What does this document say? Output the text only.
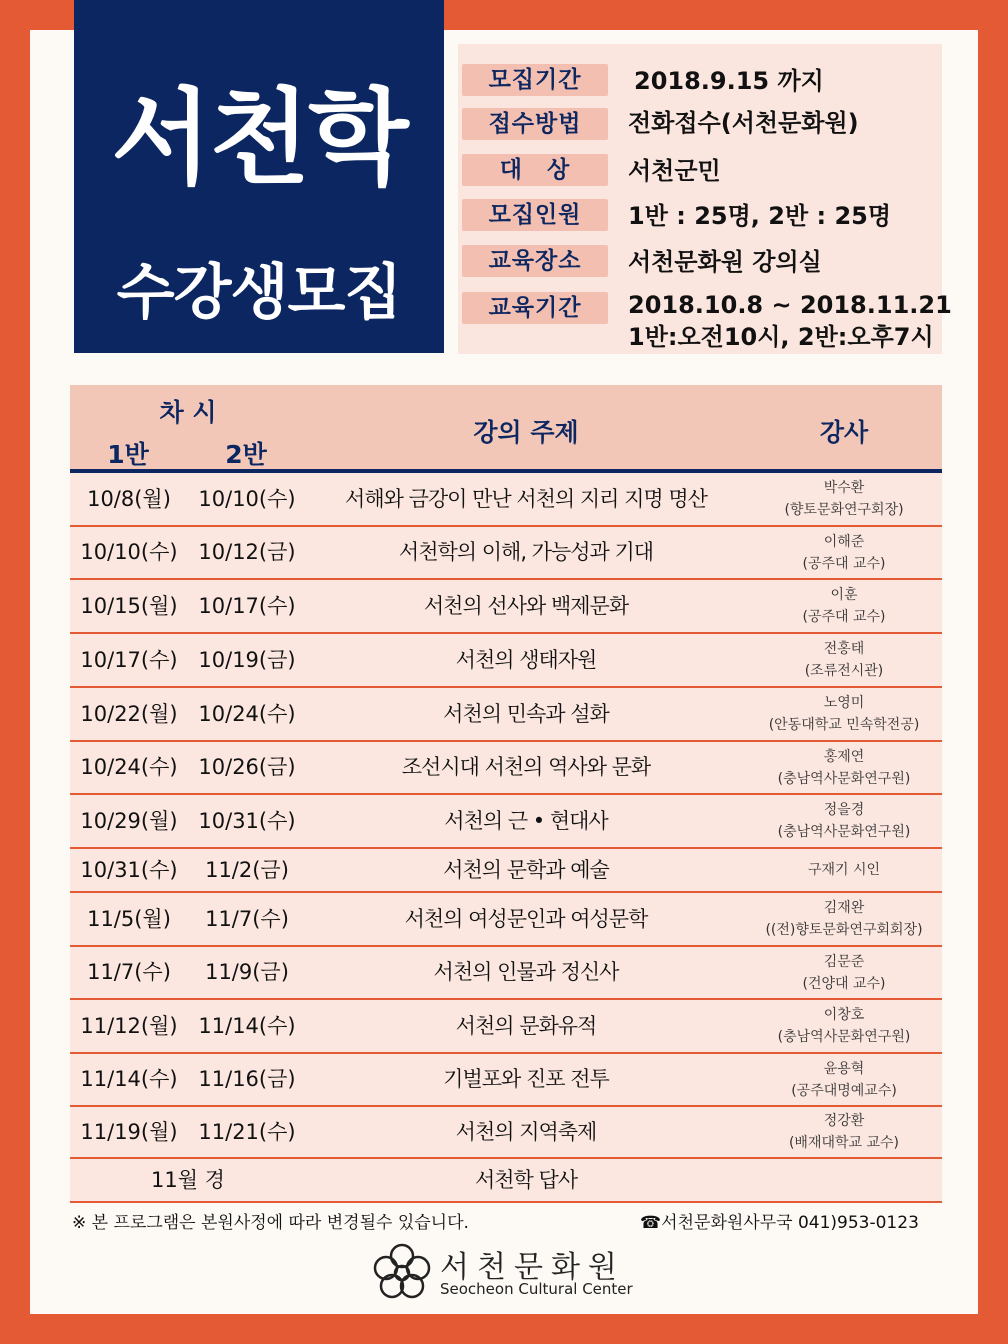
서천학
수강생모집
모집기간	2018.9.15 까지
접수방법	전화접수(서천문화원)
대　상	서천군민
모집인원	1반 : 25명, 2반 : 25명
교육장소	서천문화원 강의실
교육기간	2018.10.8 ~ 2018.11.21
1반:오전10시, 2반:오후7시
차 시
1반	2반
강의 주제	강사
10/8(월)	10/10(수)	서해와 금강이 만난 서천의 지리 지명 명산	박수환
(향토문화연구회장)
10/10(수) 10/12(금)	서천학의 이해, 가능성과 기대	이해준
(공주대 교수)
10/15(월) 10/17(수)	서천의 선사와 백제문화	이훈
(공주대 교수)
10/17(수) 10/19(금)	서천의 생태자원	전홍태
(조류전시관)
10/22(월) 10/24(수)	서천의 민속과 설화	노영미
(안동대학교 민속학전공)
10/24(수) 10/26(금)	조선시대 서천의 역사와 문화	홍제연
(충남역사문화연구원)
10/29(월) 10/31(수)	서천의 근 • 현대사	정을경
(충남역사문화연구원)
10/31(수)	11/2(금)	서천의 문학과 예술	구재기 시인
11/5(월)	11/7(수)	서천의 여성문인과 여성문학	김재완
((전)향토문화연구회회장)
11/7(수)	11/9(금)	서천의 인물과 정신사	김문준
(건양대 교수)
11/12(월) 11/14(수)	서천의 문화유적	이창호
(충남역사문화연구원)
11/14(수) 11/16(금)	기벌포와 진포 전투	윤용혁
(공주대명예교수)
11/19(월) 11/21(수)	서천의 지역축제	정강환
(배재대학교 교수)
11월 경	서천학 답사
※ 본 프로그램은 본원사정에 따라 변경될수 있습니다.	☎서천문화원사무국 041)953-0123
서천문화원
Seocheon Cultural Center
